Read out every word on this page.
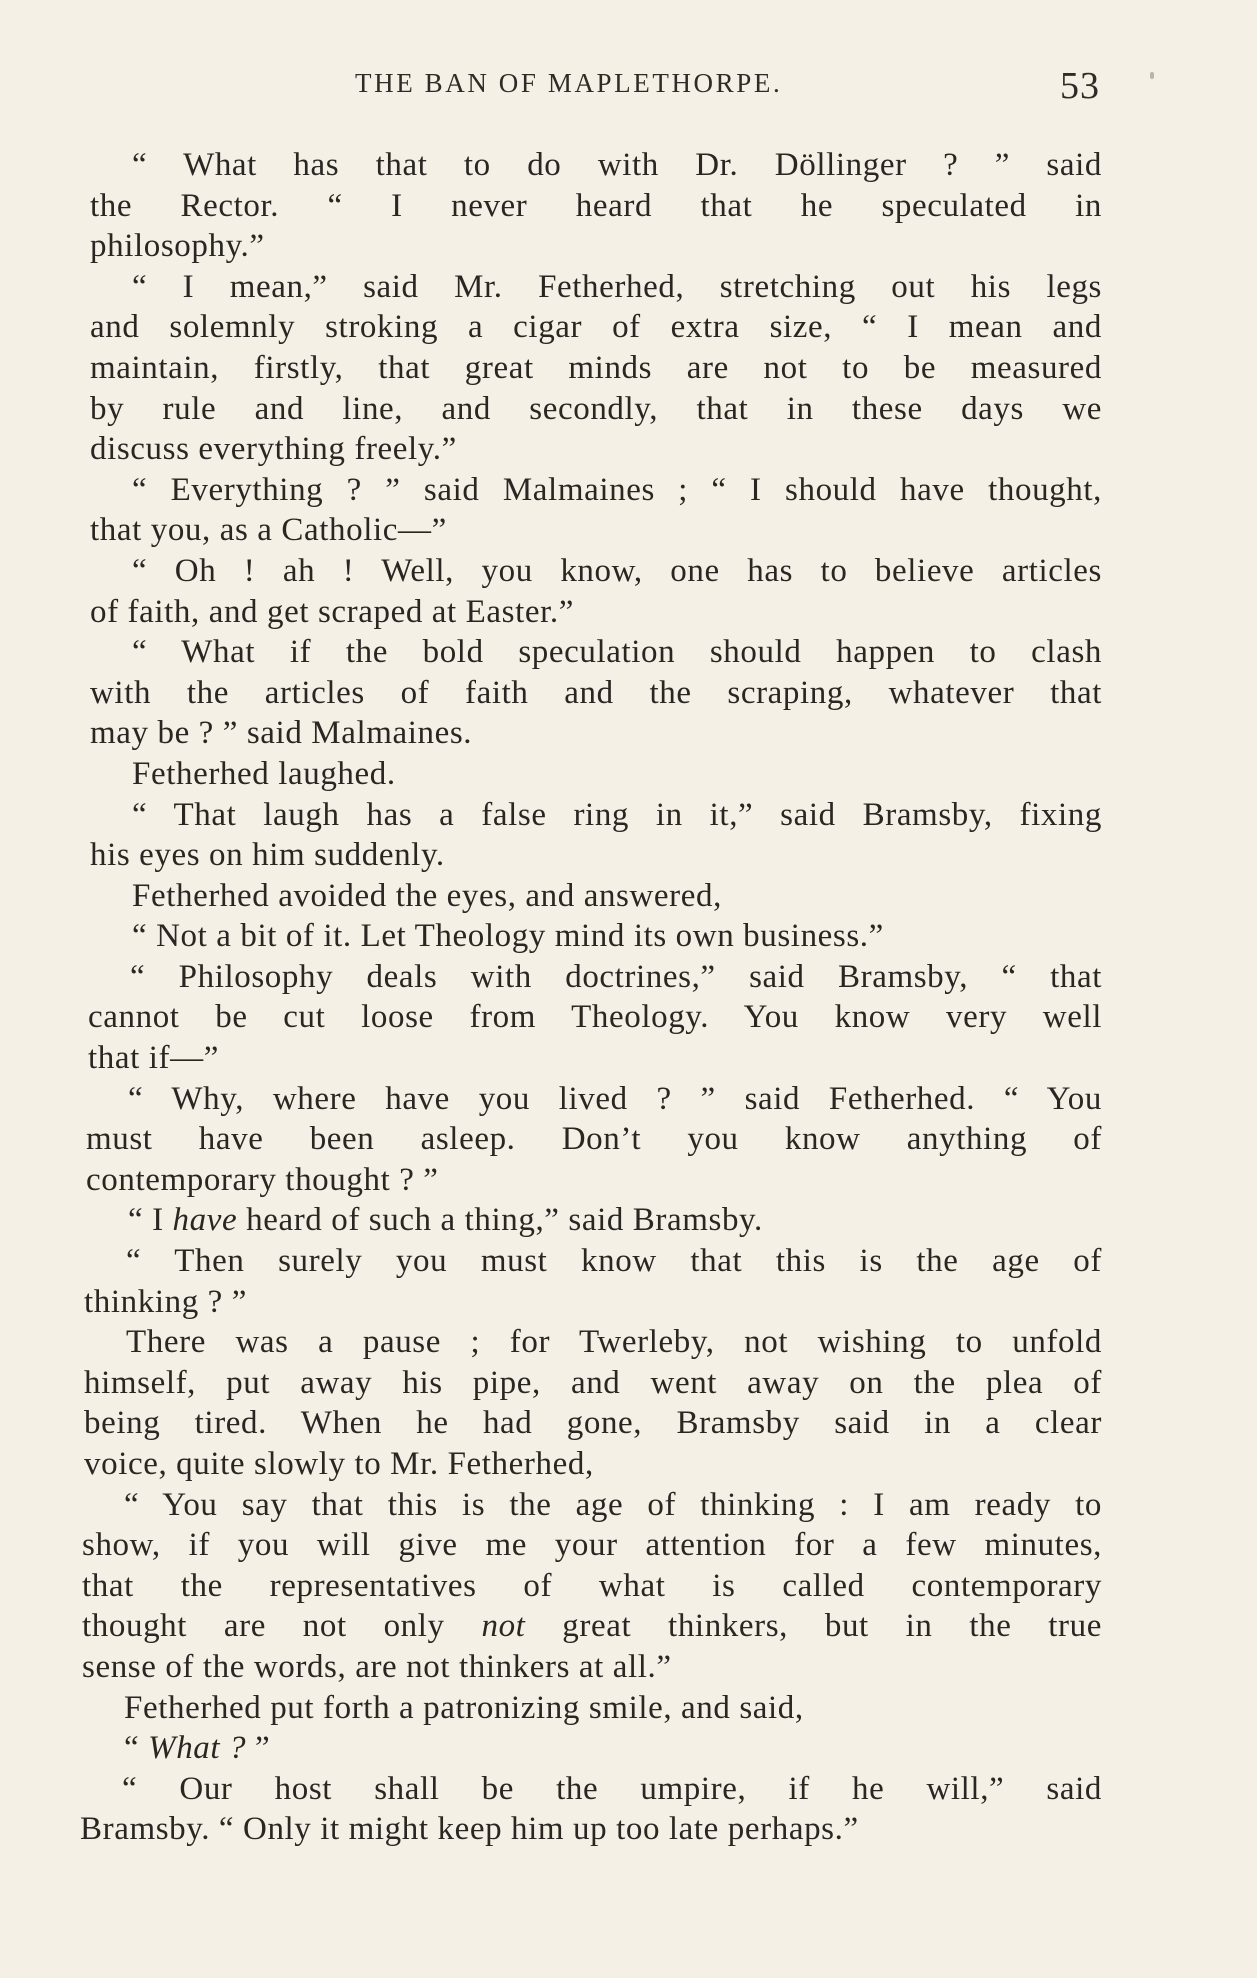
THE BAN OF MAPLETHORPE.	53
“ What has that to do with Dr. Döllinger ? ” said
the Rector. “ I never heard that he speculated in
philosophy.”
“ I mean,” said Mr. Fetherhed, stretching out his legs
and solemnly stroking a cigar of extra size, “ I mean and
maintain, firstly, that great minds are not to be measured
by rule and line, and secondly, that in these days we
discuss everything freely.”
“ Everything ? ” said Malmaines ; “ I should have thought,
that you, as a Catholic—”
“ Oh ! ah ! Well, you know, one has to believe articles
of faith, and get scraped at Easter.”
“ What if the bold speculation should happen to clash
with the articles of faith and the scraping, whatever that
may be ? ” said Malmaines.
Fetherhed laughed.
“ That laugh has a false ring in it,” said Bramsby, fixing
his eyes on him suddenly.
Fetherhed avoided the eyes, and answered,
“ Not a bit of it. Let Theology mind its own business.”
“ Philosophy deals with doctrines,” said Bramsby, “ that
cannot be cut loose from Theology. You know very well
that if—”
“ Why, where have you lived ? ” said Fetherhed. “ You
must have been asleep. Don’t you know anything of
contemporary thought ? ”
“ I have heard of such a thing,” said Bramsby.
“ Then surely you must know that this is the age of
thinking ? ”
There was a pause ; for Twerleby, not wishing to unfold
himself, put away his pipe, and went away on the plea of
being tired. When he had gone, Bramsby said in a clear
voice, quite slowly to Mr. Fetherhed,
“ You say that this is the age of thinking : I am ready to
show, if you will give me your attention for a few minutes,
that the representatives of what is called contemporary
thought are not only not great thinkers, but in the true
sense of the words, are not thinkers at all.”
Fetherhed put forth a patronizing smile, and said,
“ What ? ”
“ Our host shall be the umpire, if he will,” said
Bramsby. “ Only it might keep him up too late perhaps.”
